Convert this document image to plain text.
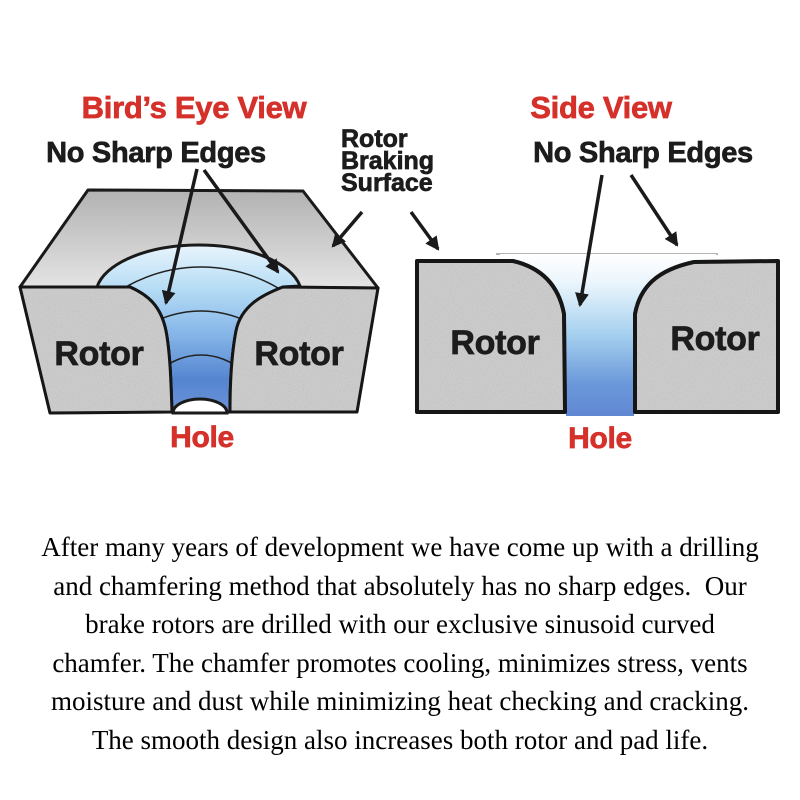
Bird’s Eye View	Side View
No Sharp Edges	No Sharp Edges
Rotor
Braking
Surface
Rotor	Rotor	Rotor	Rotor
Hole	Hole
After many years of development we have come up with a drilling
and chamfering method that absolutely has no sharp edges.  Our
brake rotors are drilled with our exclusive sinusoid curved
chamfer. The chamfer promotes cooling, minimizes stress, vents
moisture and dust while minimizing heat checking and cracking.
The smooth design also increases both rotor and pad life.
